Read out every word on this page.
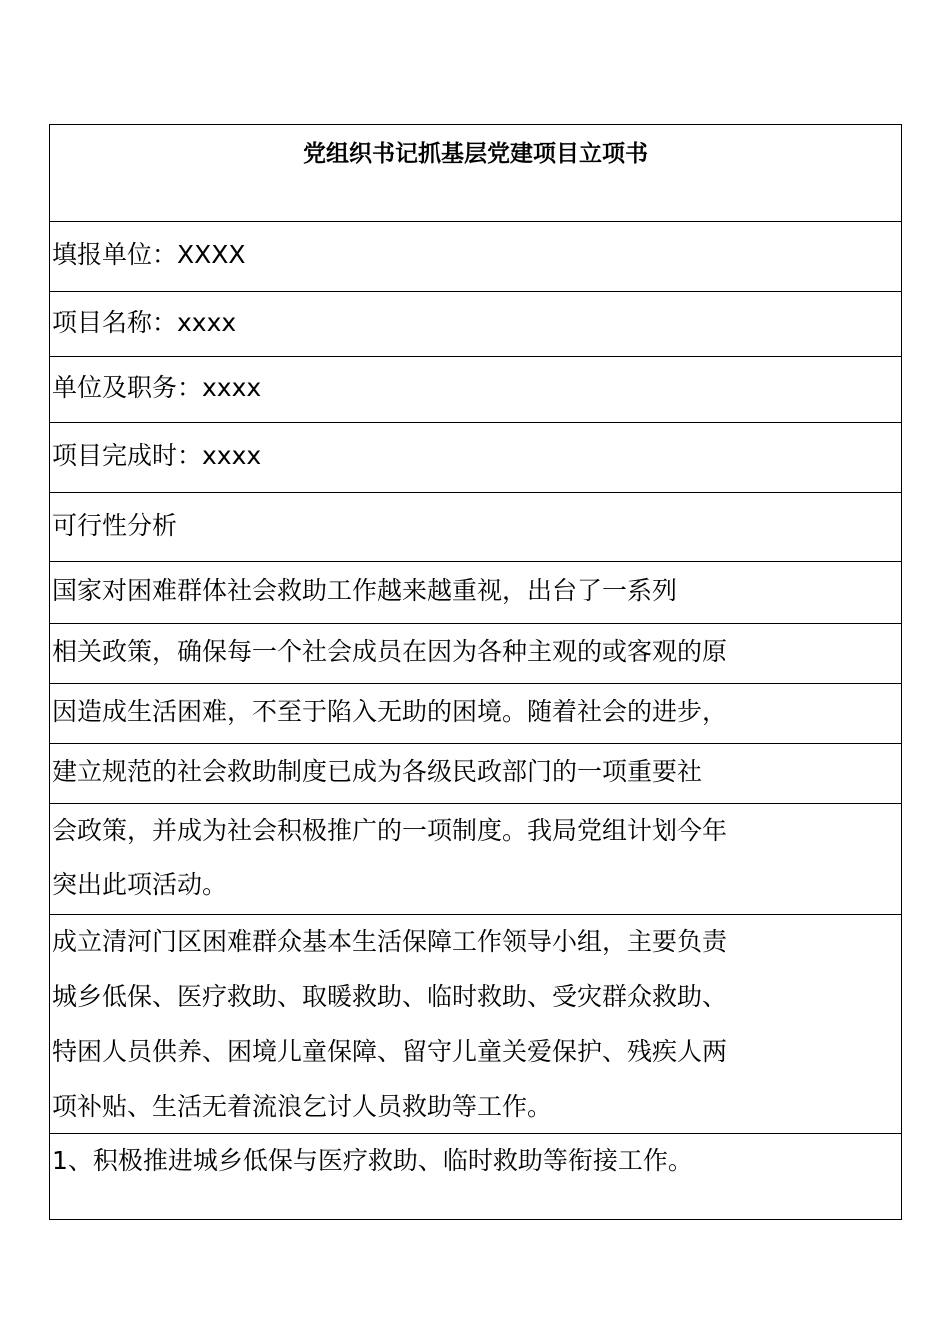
党组织书记抓基层党建项目立项书

填报单位：XXXX

项目名称：xxxx

单位及职务：xxxx

项目完成时：xxxx

可行性分析

国家对困难群体社会救助工作越来越重视，出台了一系列

相关政策，确保每一个社会成员在因为各种主观的或客观的原

因造成生活困难，不至于陷入无助的困境。随着社会的进步，

建立规范的社会救助制度已成为各级民政部门的一项重要社

会政策，并成为社会积极推广的一项制度。我局党组计划今年
突出此项活动。

成立清河门区困难群众基本生活保障工作领导小组，主要负责
城乡低保、医疗救助、取暖救助、临时救助、受灾群众救助、
特困人员供养、困境儿童保障、留守儿童关爱保护、残疾人两
项补贴、生活无着流浪乞讨人员救助等工作。

1、积极推进城乡低保与医疗救助、临时救助等衔接工作。
